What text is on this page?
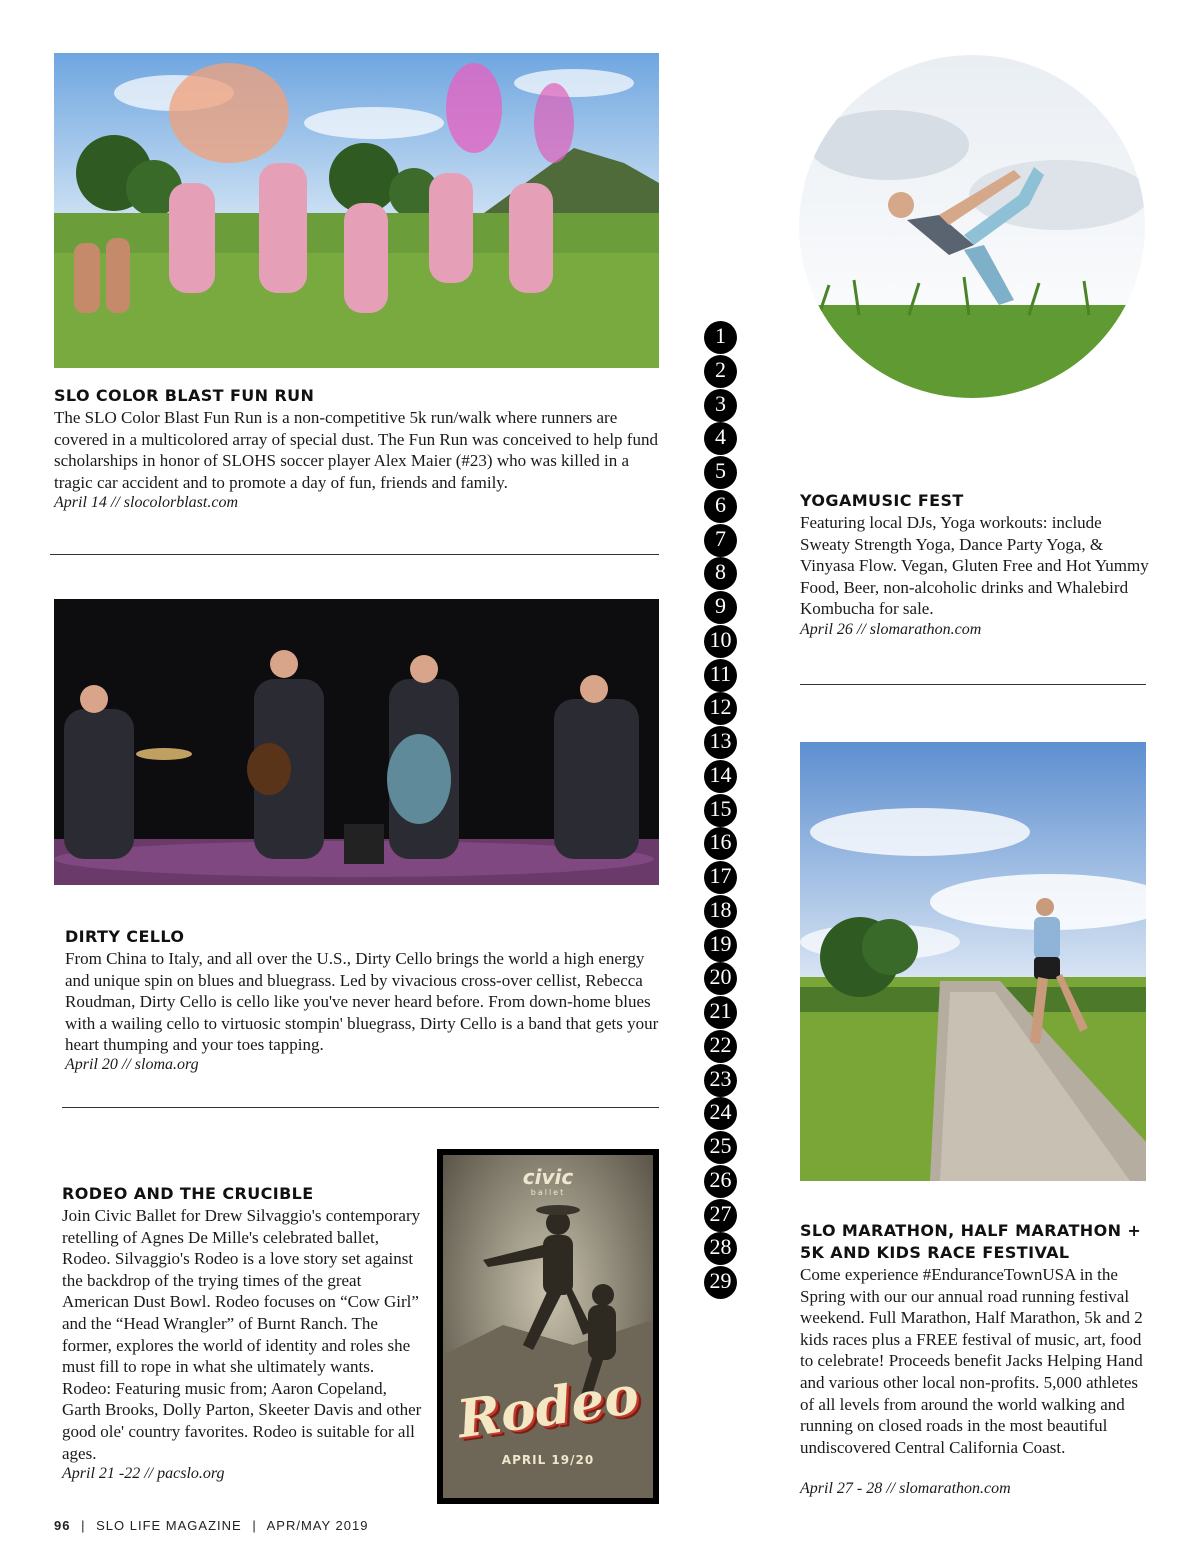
SLO COLOR BLAST FUN RUN

The SLO Color Blast Fun Run is a non-competitive 5k run/walk where runners are covered in a multicolored array of special dust. The Fun Run was conceived to help fund scholarships in honor of SLOHS soccer player Alex Maier (#23) who was killed in a tragic car accident and to promote a day of fun, friends and family.

April 14 // slocolorblast.com
DIRTY CELLO

From China to Italy, and all over the U.S., Dirty Cello brings the world a high energy and unique spin on blues and bluegrass. Led by vivacious cross-over cellist, Rebecca Roudman, Dirty Cello is cello like you've never heard before. From down-home blues with a wailing cello to virtuosic stompin' bluegrass, Dirty Cello is a band that gets your heart thumping and your toes tapping.

April 20 // sloma.org
RODEO AND THE CRUCIBLE

Join Civic Ballet for Drew Silvaggio's contemporary retelling of Agnes De Mille's celebrated ballet, Rodeo. Silvaggio's Rodeo is a love story set against the backdrop of the trying times of the great American Dust Bowl. Rodeo focuses on “Cow Girl” and the “Head Wrangler” of Burnt Ranch. The former, explores the world of identity and roles she must fill to rope in what she ultimately wants. Rodeo: Featuring music from; Aaron Copeland, Garth Brooks, Dolly Parton, Skeeter Davis and other good ole' country favorites. Rodeo is suitable for all ages.

April 21 -22 // pacslo.org
civic
ballet
Rodeo
APRIL 19/20
1
2
3
4
5
6
7
8
9
10
11
12
13
14
15
16
17
18
19
20
21
22
23
24
25
26
27
28
29
YOGAMUSIC FEST

Featuring local DJs, Yoga workouts: include Sweaty Strength Yoga, Dance Party Yoga, & Vinyasa Flow. Vegan, Gluten Free and Hot Yummy Food, Beer, non-alcoholic drinks and Whalebird Kombucha for sale.

April 26 // slomarathon.com
SLO MARATHON, HALF MARATHON + 5K AND KIDS RACE FESTIVAL

Come experience #EnduranceTownUSA in the Spring with our our annual road running festival weekend. Full Marathon, Half Marathon, 5k and 2 kids races plus a FREE festival of music, art, food to celebrate! Proceeds benefit Jacks Helping Hand and various other local non-profits. 5,000 athletes of all levels from around the world walking and running on closed roads in the most beautiful undiscovered Central California Coast.

April 27 - 28 // slomarathon.com
96 | SLO LIFE MAGAZINE | APR/MAY 2019
